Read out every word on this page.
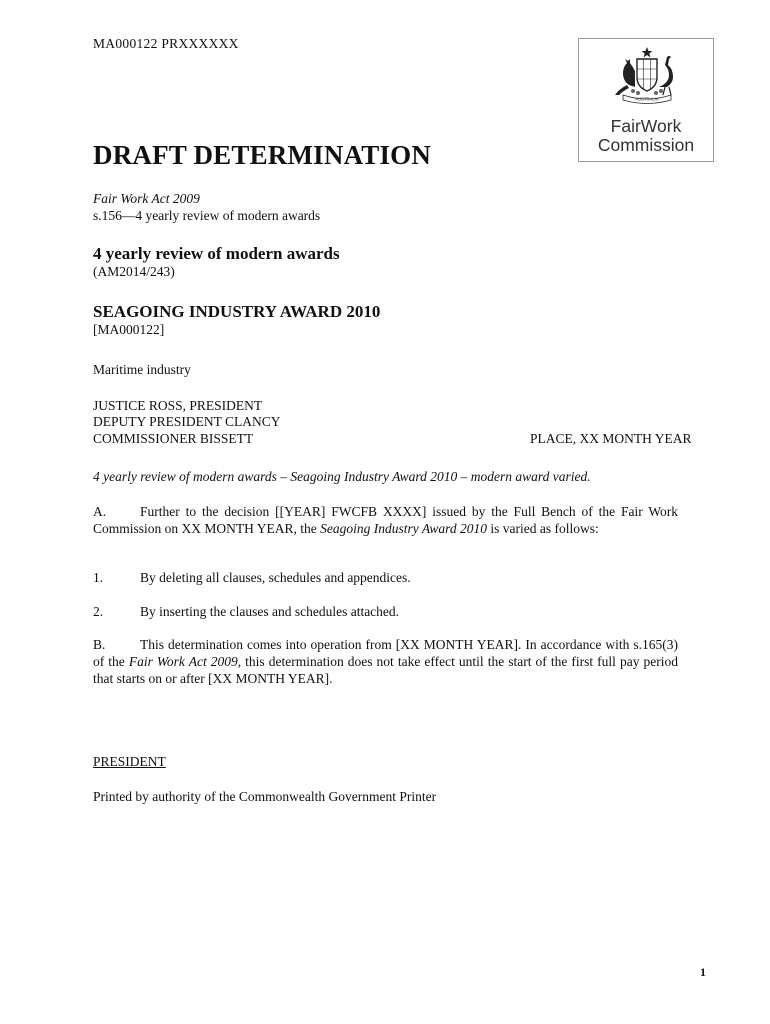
MA000122 PRXXXXXX
AUSTRALIA
FairWork
Commission
DRAFT DETERMINATION
Fair Work Act 2009
s.156—4 yearly review of modern awards
4 yearly review of modern awards
(AM2014/243)
SEAGOING INDUSTRY AWARD 2010
[MA000122]
Maritime industry
JUSTICE ROSS, PRESIDENT
DEPUTY PRESIDENT CLANCY
COMMISSIONER BISSETT	PLACE, XX MONTH YEAR
4 yearly review of modern awards – Seagoing Industry Award 2010 – modern award varied.
A.	Further to the decision [[YEAR] FWCFB XXXX] issued by the Full Bench of the Fair Work Commission on XX MONTH YEAR, the Seagoing Industry Award 2010 is varied as follows:
1.	By deleting all clauses, schedules and appendices.
2.	By inserting the clauses and schedules attached.
B.	This determination comes into operation from [XX MONTH YEAR]. In accordance with s.165(3) of the Fair Work Act 2009, this determination does not take effect until the start of the first full pay period that starts on or after [XX MONTH YEAR].
PRESIDENT
Printed by authority of the Commonwealth Government Printer
1
